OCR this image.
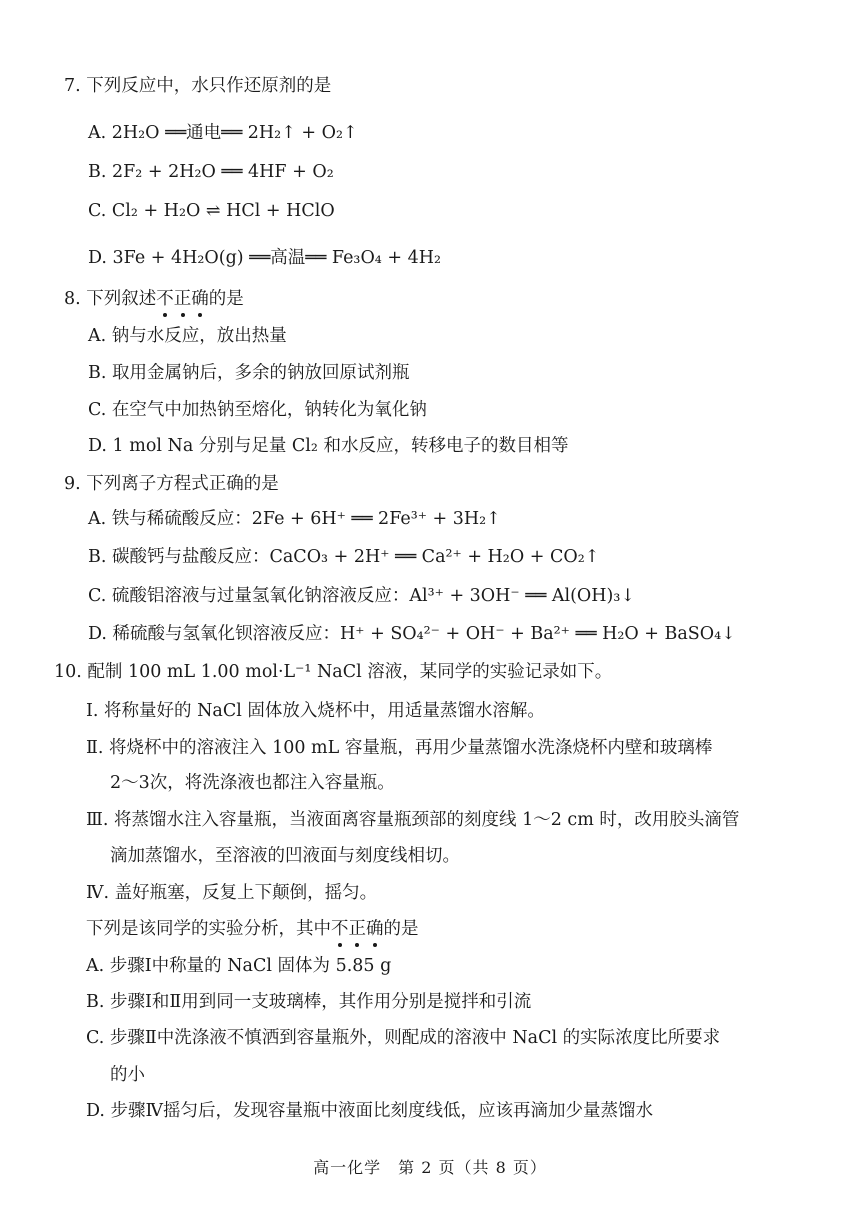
7. 下列反应中，水只作还原剂的是
A. 2H₂O ══通电══ 2H₂↑ + O₂↑
B. 2F₂ + 2H₂O ══ 4HF + O₂
C. Cl₂ + H₂O ⇌ HCl + HClO
D. 3Fe + 4H₂O(g) ══高温══ Fe₃O₄ + 4H₂
8. 下列叙述不正确的是
A. 钠与水反应，放出热量
B. 取用金属钠后，多余的钠放回原试剂瓶
C. 在空气中加热钠至熔化，钠转化为氧化钠
D. 1 mol Na 分别与足量 Cl₂ 和水反应，转移电子的数目相等
9. 下列离子方程式正确的是
A. 铁与稀硫酸反应：2Fe + 6H⁺ ══ 2Fe³⁺ + 3H₂↑
B. 碳酸钙与盐酸反应：CaCO₃ + 2H⁺ ══ Ca²⁺ + H₂O + CO₂↑
C. 硫酸铝溶液与过量氢氧化钠溶液反应：Al³⁺ + 3OH⁻ ══ Al(OH)₃↓
D. 稀硫酸与氢氧化钡溶液反应：H⁺ + SO₄²⁻ + OH⁻ + Ba²⁺ ══ H₂O + BaSO₄↓
10. 配制 100 mL 1.00 mol·L⁻¹ NaCl 溶液，某同学的实验记录如下。
Ⅰ. 将称量好的 NaCl 固体放入烧杯中，用适量蒸馏水溶解。
Ⅱ. 将烧杯中的溶液注入 100 mL 容量瓶，再用少量蒸馏水洗涤烧杯内壁和玻璃棒
2～3次，将洗涤液也都注入容量瓶。
Ⅲ. 将蒸馏水注入容量瓶，当液面离容量瓶颈部的刻度线 1～2 cm 时，改用胶头滴管
滴加蒸馏水，至溶液的凹液面与刻度线相切。
Ⅳ. 盖好瓶塞，反复上下颠倒，摇匀。
下列是该同学的实验分析，其中不正确的是
A. 步骤Ⅰ中称量的 NaCl 固体为 5.85 g
B. 步骤Ⅰ和Ⅱ用到同一支玻璃棒，其作用分别是搅拌和引流
C. 步骤Ⅱ中洗涤液不慎洒到容量瓶外，则配成的溶液中 NaCl 的实际浓度比所要求
的小
D. 步骤Ⅳ摇匀后，发现容量瓶中液面比刻度线低，应该再滴加少量蒸馏水
高一化学　第 2 页（共 8 页）
